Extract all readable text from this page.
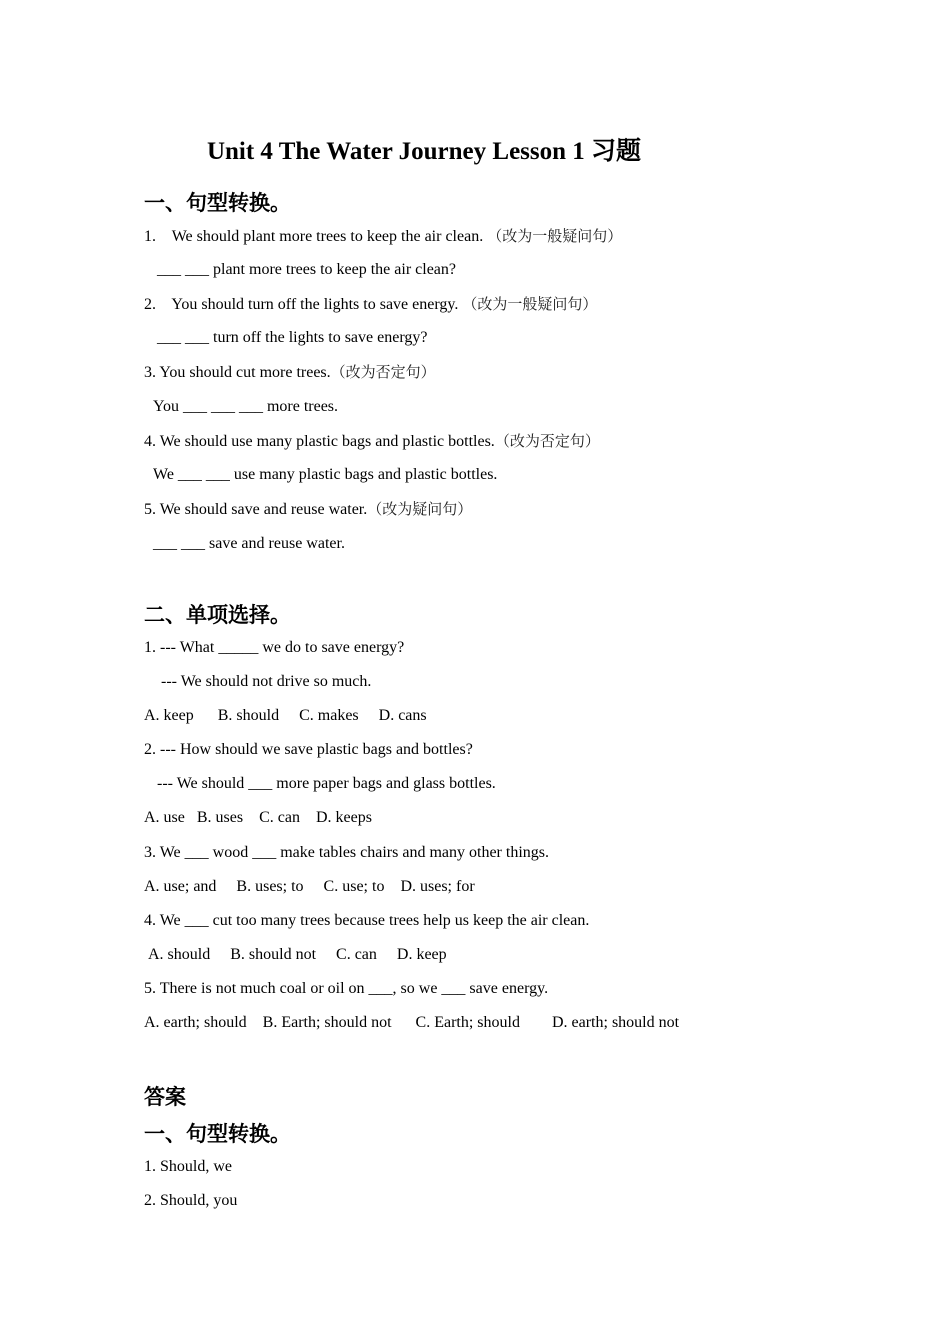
Unit 4 The Water Journey Lesson 1 习题
一、句型转换。
1.    We should plant more trees to keep the air clean. （改为一般疑问句）
___ ___ plant more trees to keep the air clean?
2.    You should turn off the lights to save energy. （改为一般疑问句）
___ ___ turn off the lights to save energy?
3. You should cut more trees.（改为否定句）
You ___ ___ ___ more trees.
4. We should use many plastic bags and plastic bottles.（改为否定句）
We ___ ___ use many plastic bags and plastic bottles.
5. We should save and reuse water.（改为疑问句）
___ ___ save and reuse water.
二、单项选择。
1. --- What _____ we do to save energy?
--- We should not drive so much.
A. keep      B. should     C. makes     D. cans
2. --- How should we save plastic bags and bottles?
--- We should ___ more paper bags and glass bottles.
A. use   B. uses    C. can    D. keeps
3. We ___ wood ___ make tables chairs and many other things.
A. use; and     B. uses; to     C. use; to    D. uses; for
4. We ___ cut too many trees because trees help us keep the air clean.
A. should     B. should not     C. can     D. keep
5. There is not much coal or oil on ___, so we ___ save energy.
A. earth; should    B. Earth; should not      C. Earth; should        D. earth; should not
答案
一、句型转换。
1. Should, we
2. Should, you
